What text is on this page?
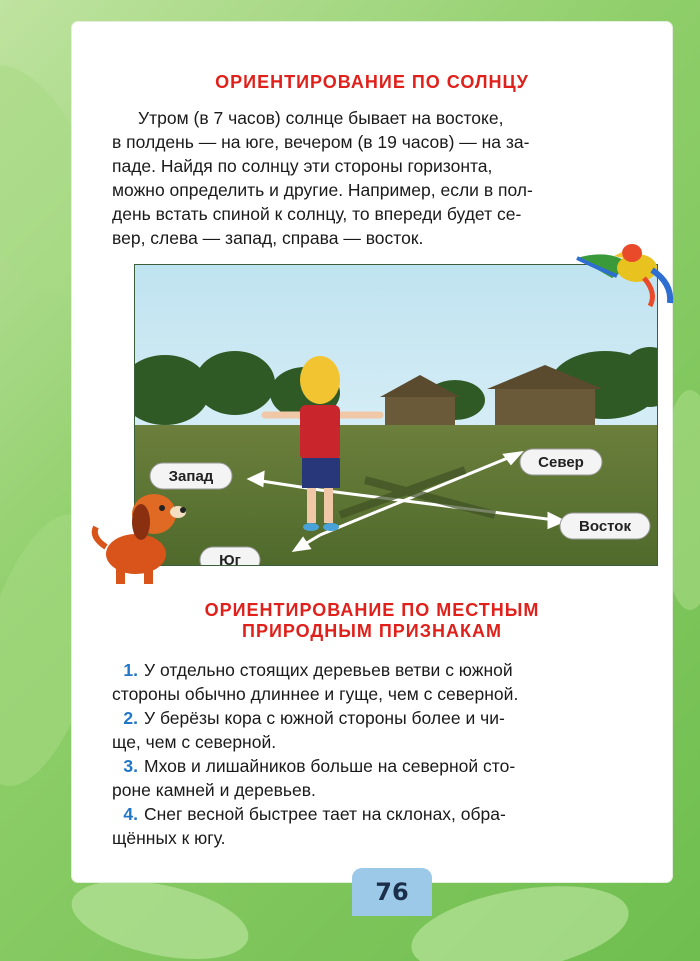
ОРИЕНТИРОВАНИЕ ПО СОЛНЦУ
Утром (в 7 часов) солнце бывает на востоке,
в полдень — на юге, вечером (в 19 часов) — на за-
паде. Найдя по солнцу эти стороны горизонта,
можно определить и другие. Например, если в пол-
день встать спиной к солнцу, то впереди будет се-
вер, слева — запад, справа — восток.
Запад
Север
Восток
Юг
ОРИЕНТИРОВАНИЕ ПО МЕСТНЫМ
ПРИРОДНЫМ ПРИЗНАКАМ
1. У отдельно стоящих деревьев ветви с южной
стороны обычно длиннее и гуще, чем с северной.
2. У берёзы кора с южной стороны более и чи-
ще, чем с северной.
3. Мхов и лишайников больше на северной сто-
роне камней и деревьев.
4. Снег весной быстрее тает на склонах, обра-
щённых к югу.
76
